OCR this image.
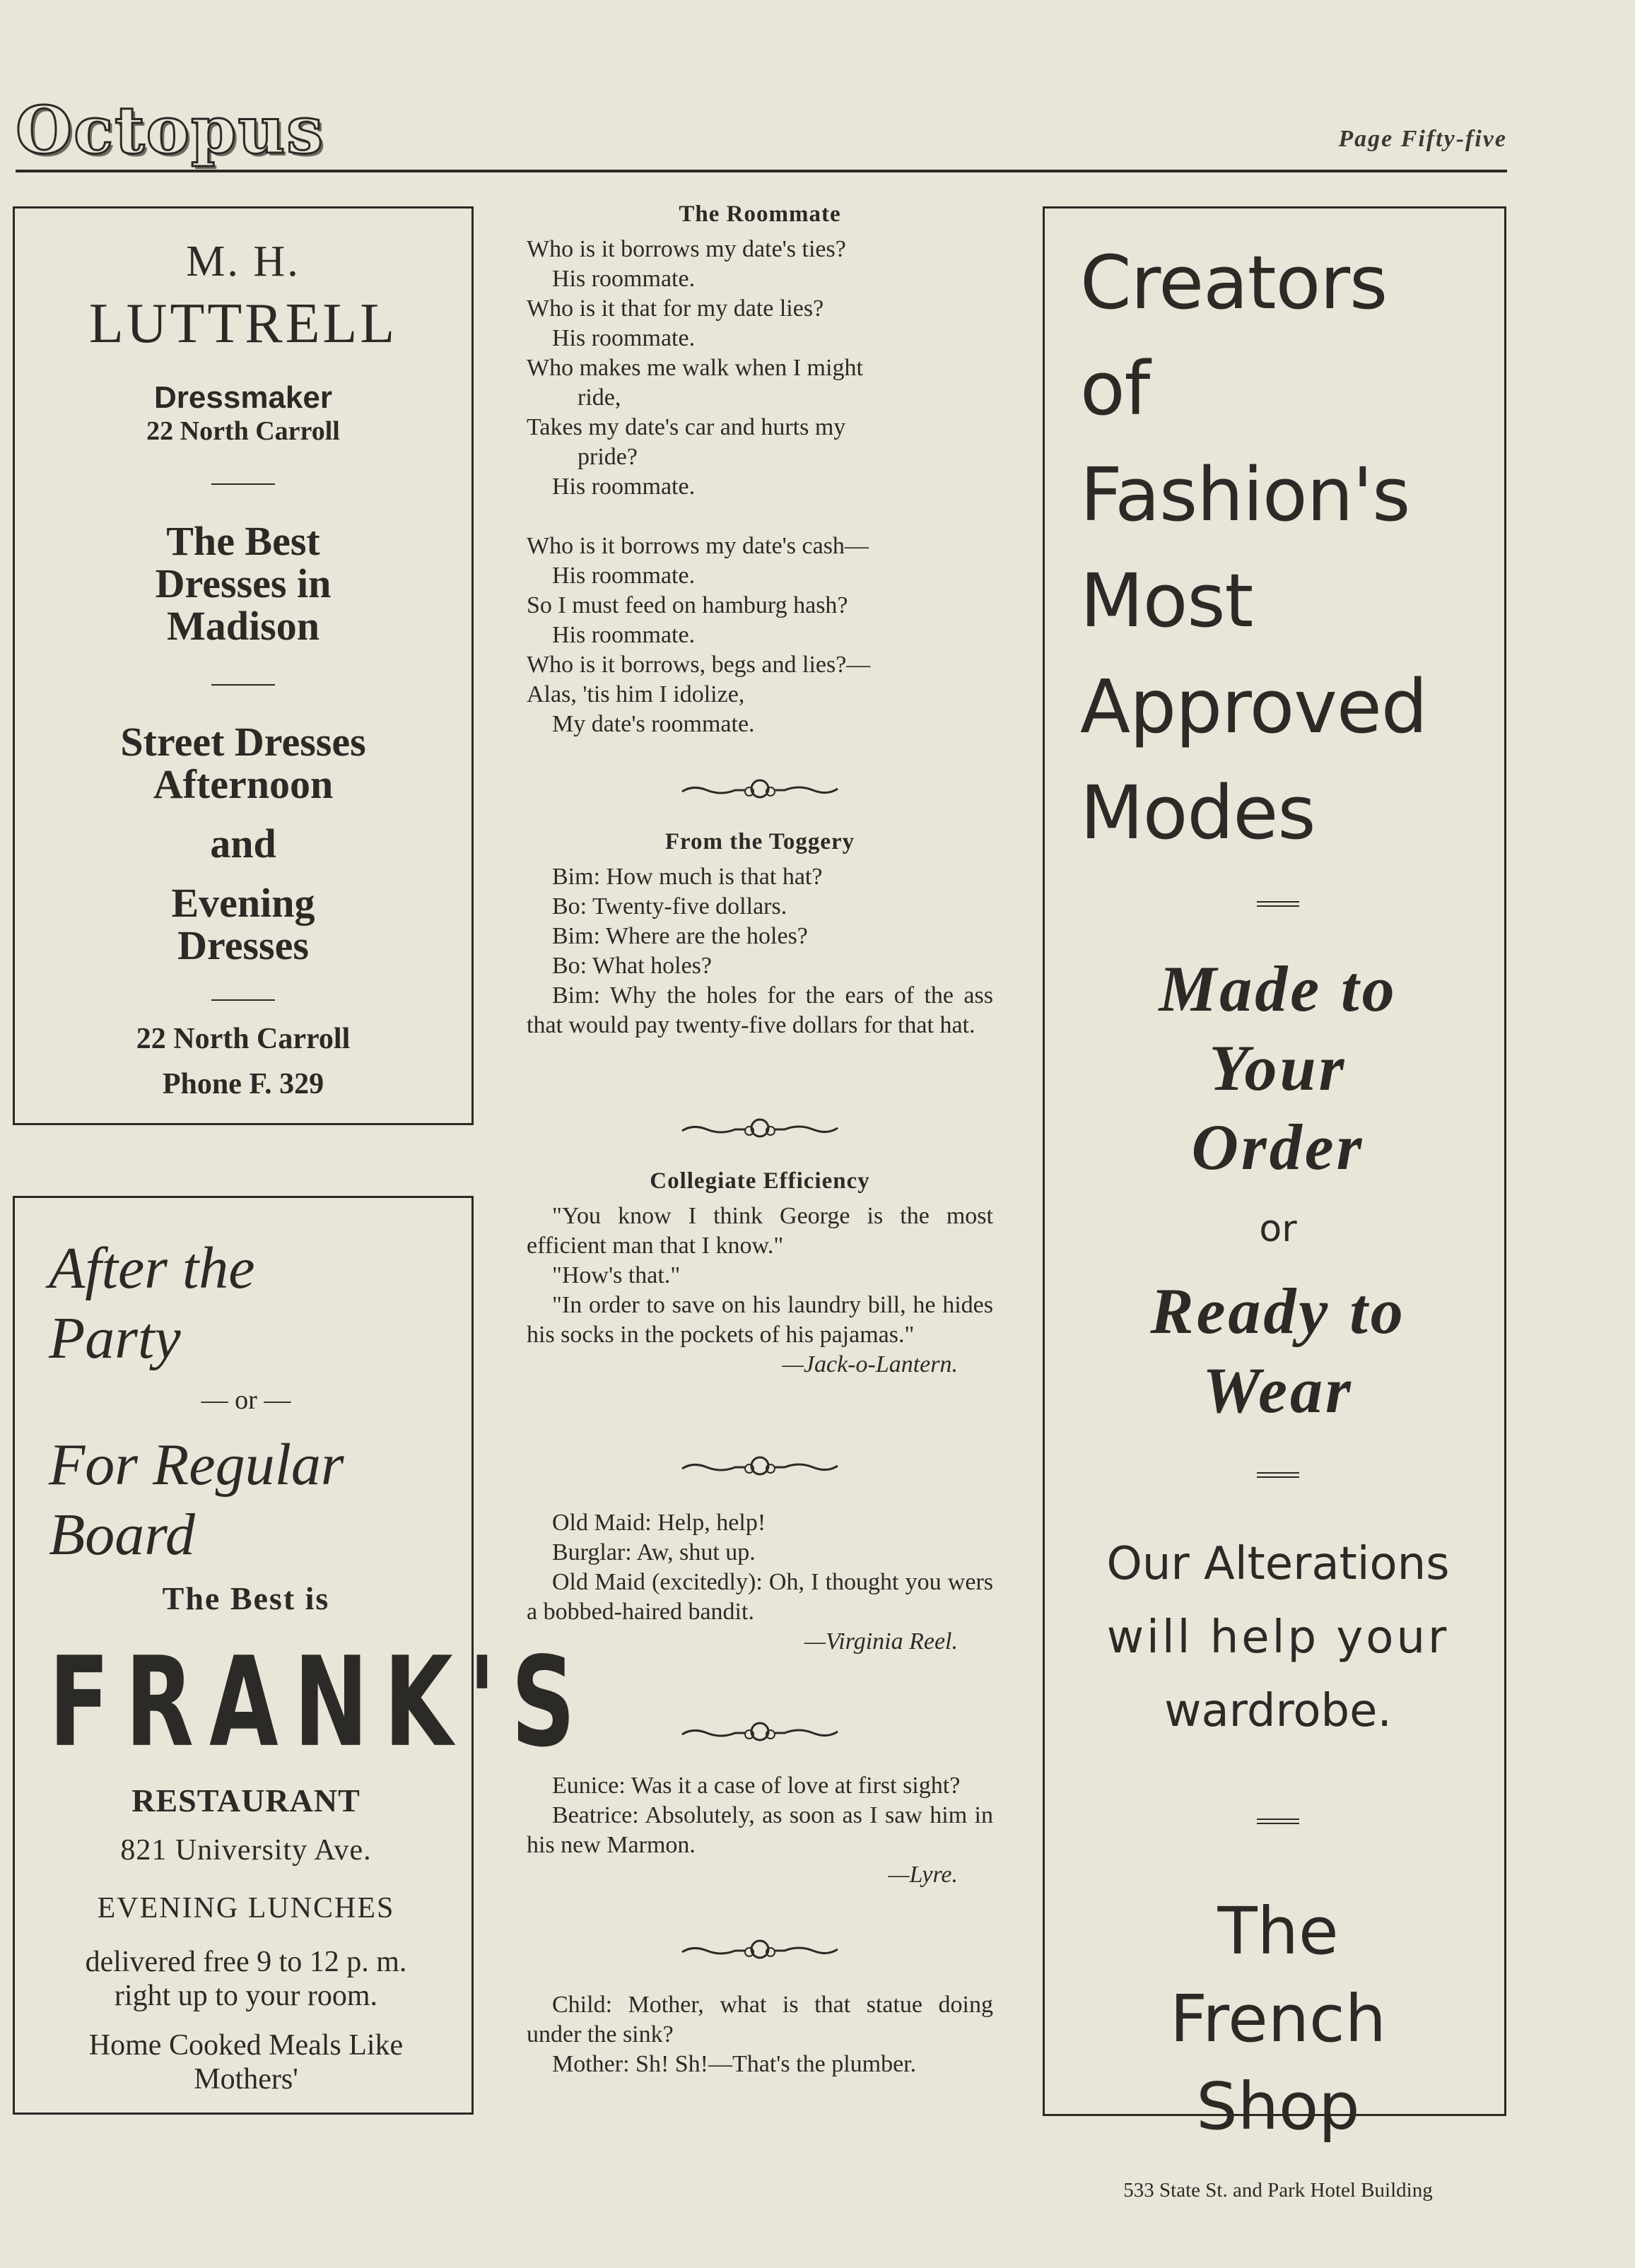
Octopus	Page Fifty-five
M. H.
LUTTRELL
Dressmaker
22 North Carroll
The Best
Dresses in
Madison
Street Dresses
Afternoon
and
Evening
Dresses
22 North Carroll
Phone F. 329
After the
Party
— or —
For Regular
Board
The Best is
FRANK'S
RESTAURANT
821 University Ave.
EVENING LUNCHES
delivered free 9 to 12 p. m.
right up to your room.
Home Cooked Meals Like
Mothers'
The Roommate

Who is it borrows my date's ties?

His roommate.

Who is it that for my date lies?

His roommate.

Who makes me walk when I might

ride,

Takes my date's car and hurts my

pride?

His roommate.

Who is it borrows my date's cash—

His roommate.

So I must feed on hamburg hash?

His roommate.

Who is it borrows, begs and lies?—

Alas, 'tis him I idolize,

My date's roommate.

From the Toggery

Bim: How much is that hat?

Bo: Twenty-five dollars.

Bim: Where are the holes?

Bo: What holes?

Bim: Why the holes for the ears of the ass that would pay twenty-five dollars for that hat.

Collegiate Efficiency

"You know I think George is the most efficient man that I know."

"How's that."

"In order to save on his laundry bill, he hides his socks in the pockets of his pajamas."

—Jack-o-Lantern.

Old Maid: Help, help!

Burglar: Aw, shut up.

Old Maid (excitedly): Oh, I thought you wers a bobbed-haired bandit.

—Virginia Reel.

Eunice: Was it a case of love at first sight?

Beatrice: Absolutely, as soon as I saw him in his new Marmon.

—Lyre.

Child: Mother, what is that statue doing under the sink?

Mother: Sh! Sh!—That's the plumber.

Creators
of Fashion's
Most
Approved
Modes
Made to
Your
Order
or
Ready to
Wear
Our Alterations
will help your
wardrobe.
The
French Shop
533 State St. and Park Hotel Building
